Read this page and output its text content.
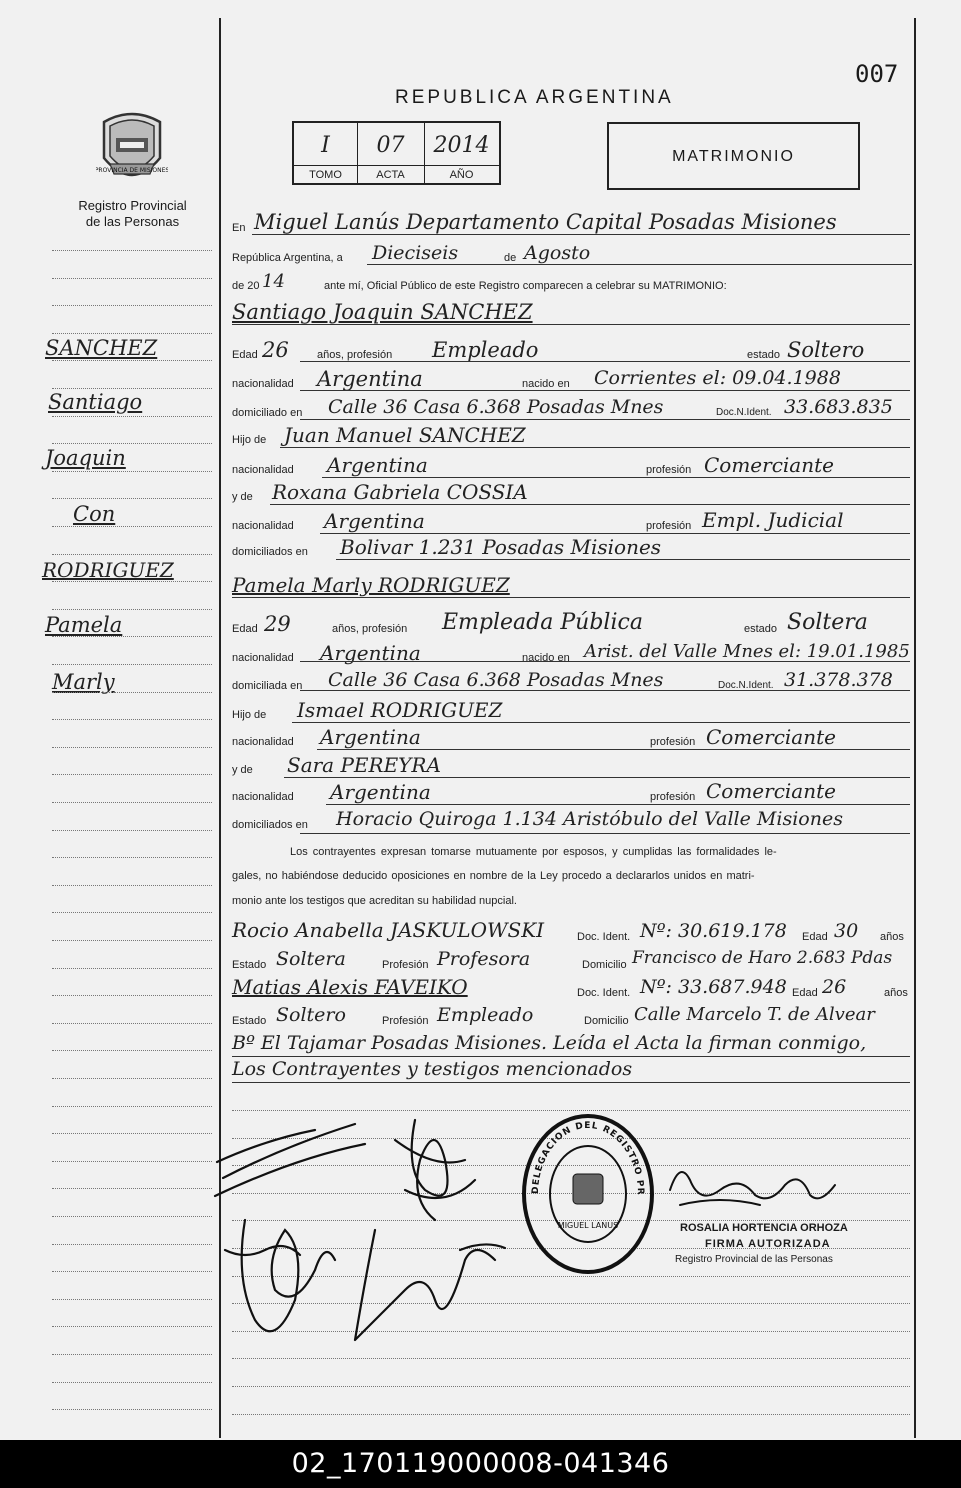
007
REPUBLICA ARGENTINA
PROVINCIA DE MISIONES
Registro Provincial
de las Personas
I	07	2014
TOMO	ACTA	AÑO
MATRIMONIO
SANCHEZ
Santiago
Joaquin
Con
RODRIGUEZ
Pamela
Marly
En Miguel Lanús Departamento Capital Posadas Misiones
República Argentina, a Dieciseis	de Agosto
de 20 14	ante mí, Oficial Público de este Registro comparecen a celebrar su MATRIMONIO:
Santiago Joaquin SANCHEZ
Edad 26	años, profesión Empleado	estado Soltero
nacionalidad Argentina	nacido en Corrientes el: 09.04.1988
domiciliado en Calle 36 Casa 6.368 Posadas Mnes	Doc.N.Ident. 33.683.835
Hijo de Juan Manuel SANCHEZ
nacionalidad Argentina	profesión Comerciante
y de Roxana Gabriela COSSIA
nacionalidad Argentina	profesión Empl. Judicial
domiciliados en Bolivar 1.231 Posadas Misiones
Pamela Marly RODRIGUEZ
Edad 29	años, profesión Empleada Pública	estado Soltera
nacionalidad Argentina	nacido en Arist. del Valle Mnes el: 19.01.1985
domiciliada en Calle 36 Casa 6.368 Posadas Mnes	Doc.N.Ident. 31.378.378
Hijo de Ismael RODRIGUEZ
nacionalidad Argentina	profesión Comerciante
y de Sara PEREYRA
nacionalidad Argentina	profesión Comerciante
domiciliados en Horacio Quiroga 1.134 Aristóbulo del Valle Misiones
Los contrayentes expresan tomarse mutuamente por esposos, y cumplidas las formalidades le-
gales, no habiéndose deducido oposiciones en nombre de la Ley procedo a declararlos unidos en matri-
monio ante los testigos que acreditan su habilidad nupcial.
Rocio Anabella JASKULOWSKI	Doc. Ident. Nº: 30.619.178 Edad 30 años
Estado Soltera	Profesión Profesora	Domicilio Francisco de Haro 2.683 Pdas
Matias Alexis FAVEIKO	Doc. Ident. Nº: 33.687.948 Edad 26	años
Estado Soltero	Profesión Empleado	Domicilio Calle Marcelo T. de Alvear
Bº El Tajamar Posadas Misiones. Leída el Acta la firman conmigo,
Los Contrayentes y testigos mencionados
DELEGACION DEL REGISTRO PR
MIGUEL LANUS	ROSALIA HORTENCIA ORHOZA
FIRMA AUTORIZADA
Registro Provincial de las Personas
02_170119000008-041346
